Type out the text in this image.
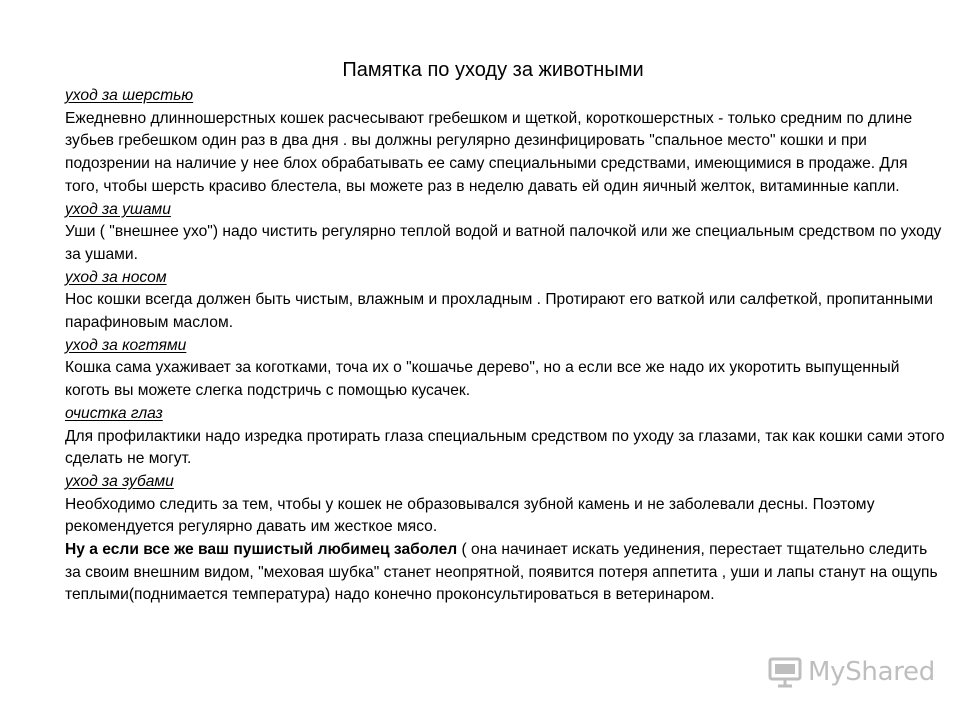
Памятка по уходу за животными
уход за шерстью
Ежедневно длинношерстных кошек расчесывают гребешком и щеткой, короткошерстных - только средним по длине зубьев гребешком один раз в два дня . вы должны регулярно дезинфицировать "спальное место" кошки и при подозрении на наличие у нее блох обрабатывать ее саму специальными средствами, имеющимися в продаже. Для того, чтобы шерсть красиво блестела, вы можете раз в неделю давать ей один яичный желток, витаминные капли.
уход за ушами
Уши ( "внешнее ухо") надо чистить регулярно теплой водой и ватной палочкой или же специальным средством по уходу за ушами.
уход за носом
Нос кошки всегда должен быть чистым, влажным и прохладным . Протирают его ваткой или салфеткой, пропитанными парафиновым маслом.
уход за когтями
Кошка сама ухаживает за коготками, точа их о "кошачье дерево", но а если все же надо их укоротить выпущенный коготь вы можете слегка подстричь с помощью кусачек.
очистка глаз
Для профилактики надо изредка протирать глаза специальным средством по уходу за глазами, так как кошки сами этого сделать не могут.
уход за зубами
Необходимо следить за тем, чтобы у кошек не образовывался зубной камень и не заболевали десны. Поэтому рекомендуется регулярно давать им жесткое мясо.
Ну а если все же ваш пушистый любимец заболел ( она начинает искать уединения, перестает тщательно следить за своим внешним видом, "меховая шубка" станет неопрятной, появится потеря аппетита , уши и лапы станут на ощупь теплыми(поднимается температура) надо конечно проконсультироваться в ветеринаром.
MyShared
